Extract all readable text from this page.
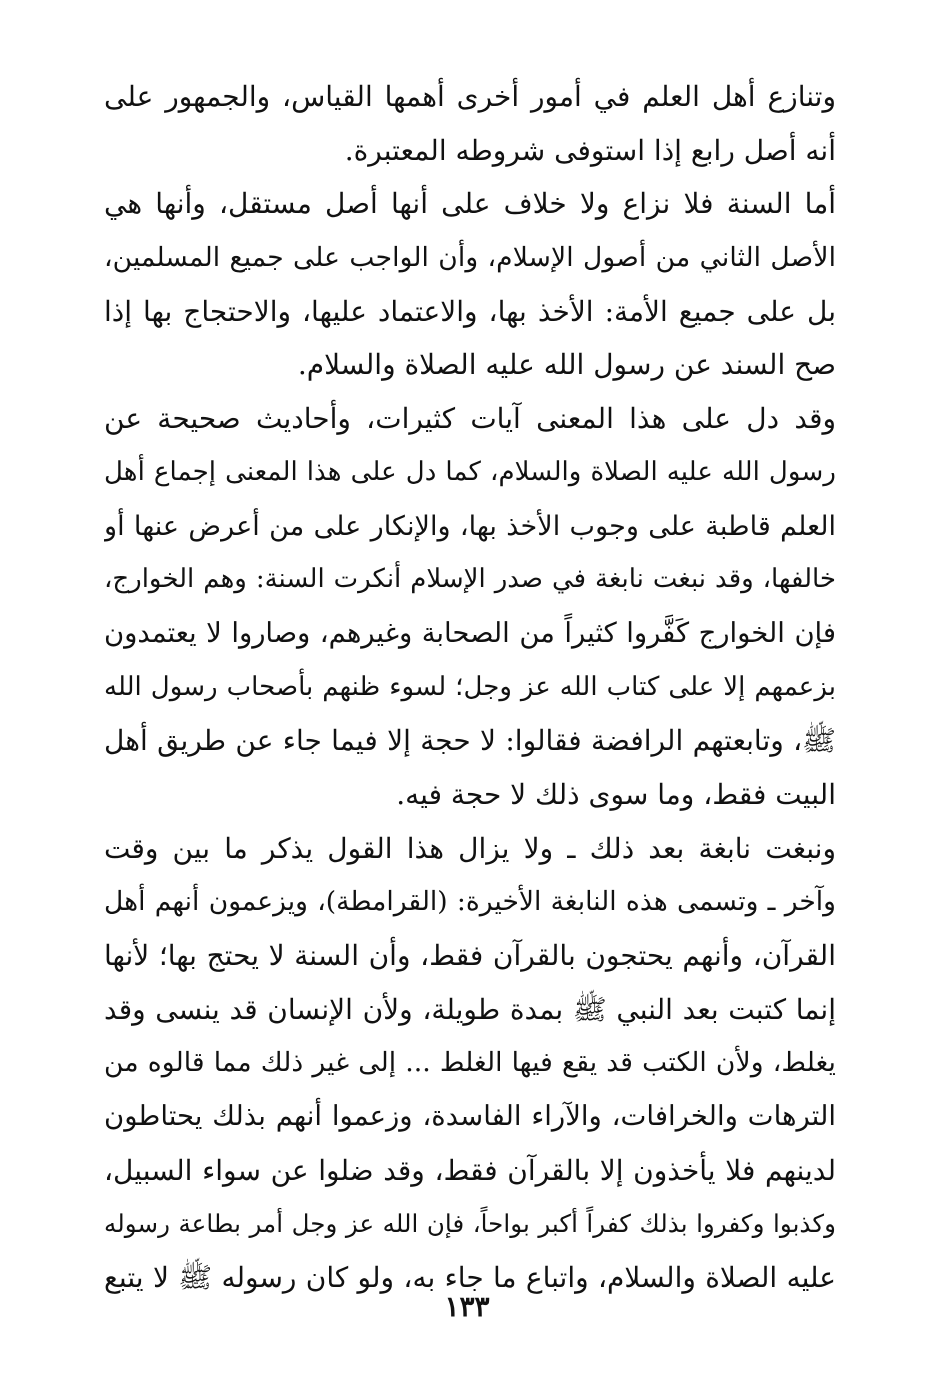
وتنازع أهل العلم في أمور أخرى أهمها القياس، والجمهور على
أنه أصل رابع إذا استوفى شروطه المعتبرة.
أما السنة فلا نزاع ولا خلاف على أنها أصل مستقل، وأنها هي
الأصل الثاني من أصول الإسلام، وأن الواجب على جميع المسلمين،
بل على جميع الأمة: الأخذ بها، والاعتماد عليها، والاحتجاج بها إذا
صح السند عن رسول الله عليه الصلاة والسلام.
وقد دل على هذا المعنى آيات كثيرات، وأحاديث صحيحة عن
رسول الله عليه الصلاة والسلام، كما دل على هذا المعنى إجماع أهل
العلم قاطبة على وجوب الأخذ بها، والإنكار على من أعرض عنها أو
خالفها، وقد نبغت نابغة في صدر الإسلام أنكرت السنة: وهم الخوارج،
فإن الخوارج كَفَّروا كثيراً من الصحابة وغيرهم، وصاروا لا يعتمدون
بزعمهم إلا على كتاب الله عز وجل؛ لسوء ظنهم بأصحاب رسول الله
ﷺ، وتابعتهم الرافضة فقالوا: لا حجة إلا فيما جاء عن طريق أهل
البيت فقط، وما سوى ذلك لا حجة فيه.
ونبغت نابغة بعد ذلك ـ ولا يزال هذا القول يذكر ما بين وقت
وآخر ـ وتسمى هذه النابغة الأخيرة: (القرامطة)، ويزعمون أنهم أهل
القرآن، وأنهم يحتجون بالقرآن فقط، وأن السنة لا يحتج بها؛ لأنها
إنما كتبت بعد النبي ﷺ بمدة طويلة، ولأن الإنسان قد ينسى وقد
يغلط، ولأن الكتب قد يقع فيها الغلط ... إلى غير ذلك مما قالوه من
الترهات والخرافات، والآراء الفاسدة، وزعموا أنهم بذلك يحتاطون
لدينهم فلا يأخذون إلا بالقرآن فقط، وقد ضلوا عن سواء السبيل،
وكذبوا وكفروا بذلك كفراً أكبر بواحاً، فإن الله عز وجل أمر بطاعة رسوله
عليه الصلاة والسلام، واتباع ما جاء به، ولو كان رسوله ﷺ لا يتبع
١٣٣
